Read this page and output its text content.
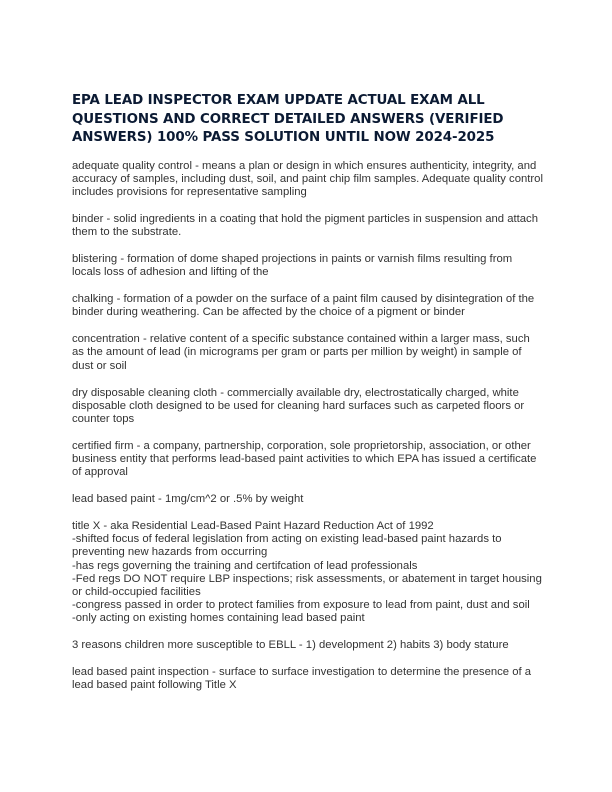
EPA LEAD INSPECTOR EXAM UPDATE ACTUAL EXAM ALL QUESTIONS AND CORRECT DETAILED ANSWERS (VERIFIED ANSWERS) 100% PASS SOLUTION UNTIL NOW 2024-2025

adequate quality control - means a plan or design in which ensures authenticity, integrity, and accuracy of samples, including dust, soil, and paint chip film samples. Adequate quality control includes provisions for representative sampling

binder - solid ingredients in a coating that hold the pigment particles in suspension and attach them to the substrate.

blistering - formation of dome shaped projections in paints or varnish films resulting from locals loss of adhesion and lifting of the

chalking - formation of a powder on the surface of a paint film caused by disintegration of the binder during weathering. Can be affected by the choice of a pigment or binder

concentration - relative content of a specific substance contained within a larger mass, such as the amount of lead (in micrograms per gram or parts per million by weight) in sample of dust or soil

dry disposable cleaning cloth - commercially available dry, electrostatically charged, white disposable cloth designed to be used for cleaning hard surfaces such as carpeted floors or counter tops

certified firm - a company, partnership, corporation, sole proprietorship, association, or other business entity that performs lead-based paint activities to which EPA has issued a certificate of approval

lead based paint - 1mg/cm^2 or .5% by weight

title X - aka Residential Lead-Based Paint Hazard Reduction Act of 1992
-shifted focus of federal legislation from acting on existing lead-based paint hazards to preventing new hazards from occurring
-has regs governing the training and certifcation of lead professionals
-Fed regs DO NOT require LBP inspections; risk assessments, or abatement in target housing or child-occupied facilities
-congress passed in order to protect families from exposure to lead from paint, dust and soil
-only acting on existing homes containing lead based paint

3 reasons children more susceptible to EBLL - 1) development 2) habits 3) body stature

lead based paint inspection - surface to surface investigation to determine the presence of a lead based paint following Title X
